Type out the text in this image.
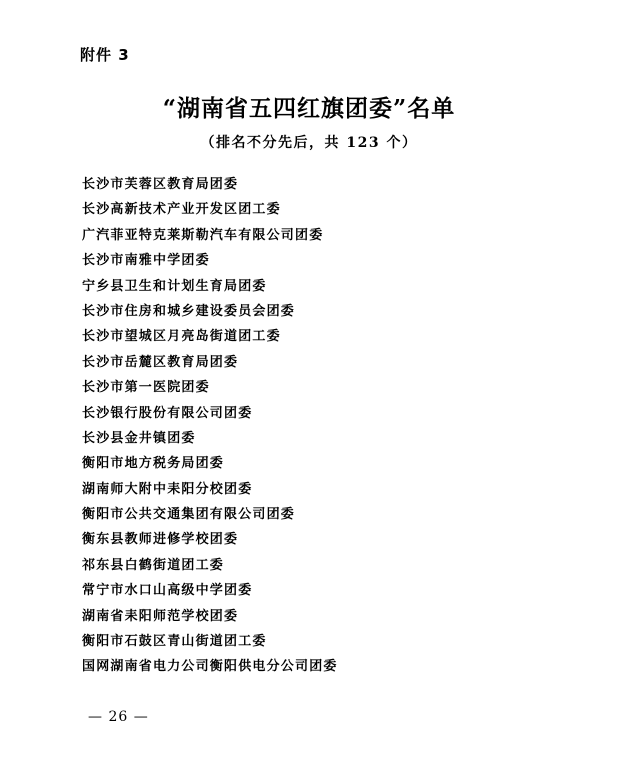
附件 3
“湖南省五四红旗团委”名单
（排名不分先后，共 123 个）
长沙市芙蓉区教育局团委
长沙高新技术产业开发区团工委
广汽菲亚特克莱斯勒汽车有限公司团委
长沙市南雅中学团委
宁乡县卫生和计划生育局团委
长沙市住房和城乡建设委员会团委
长沙市望城区月亮岛街道团工委
长沙市岳麓区教育局团委
长沙市第一医院团委
长沙银行股份有限公司团委
长沙县金井镇团委
衡阳市地方税务局团委
湖南师大附中耒阳分校团委
衡阳市公共交通集团有限公司团委
衡东县教师进修学校团委
祁东县白鹤街道团工委
常宁市水口山高级中学团委
湖南省耒阳师范学校团委
衡阳市石鼓区青山街道团工委
国网湖南省电力公司衡阳供电分公司团委
— 26 —
